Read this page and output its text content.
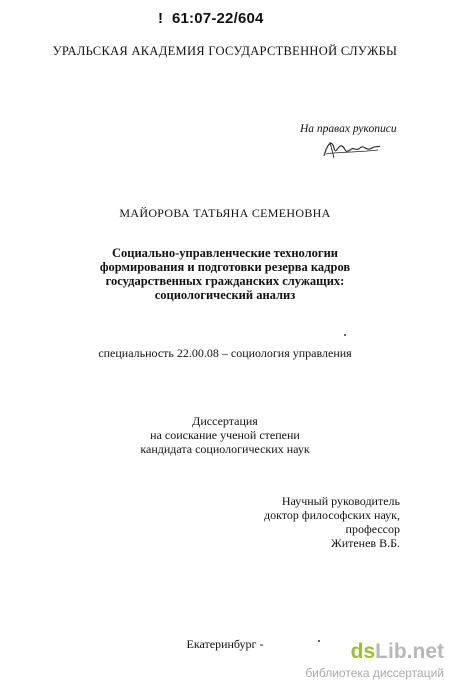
! 61:07-22/604
УРАЛЬСКАЯ АКАДЕМИЯ ГОСУДАРСТВЕННОЙ СЛУЖБЫ
На правах рукописи
МАЙОРОВА ТАТЬЯНА СЕМЕНОВНА
Социально-управленческие технологии
формирования и подготовки резерва кадров
государственных гражданских служащих:
социологический анализ
специальность 22.00.08 – социология управления
Диссертация
на соискание ученой степени
кандидата социологических наук
Научный руководитель
доктор философских наук, профессор
Житенев В.Б.
Екатеринбург -	dsLib.net
библиотека диссертаций
